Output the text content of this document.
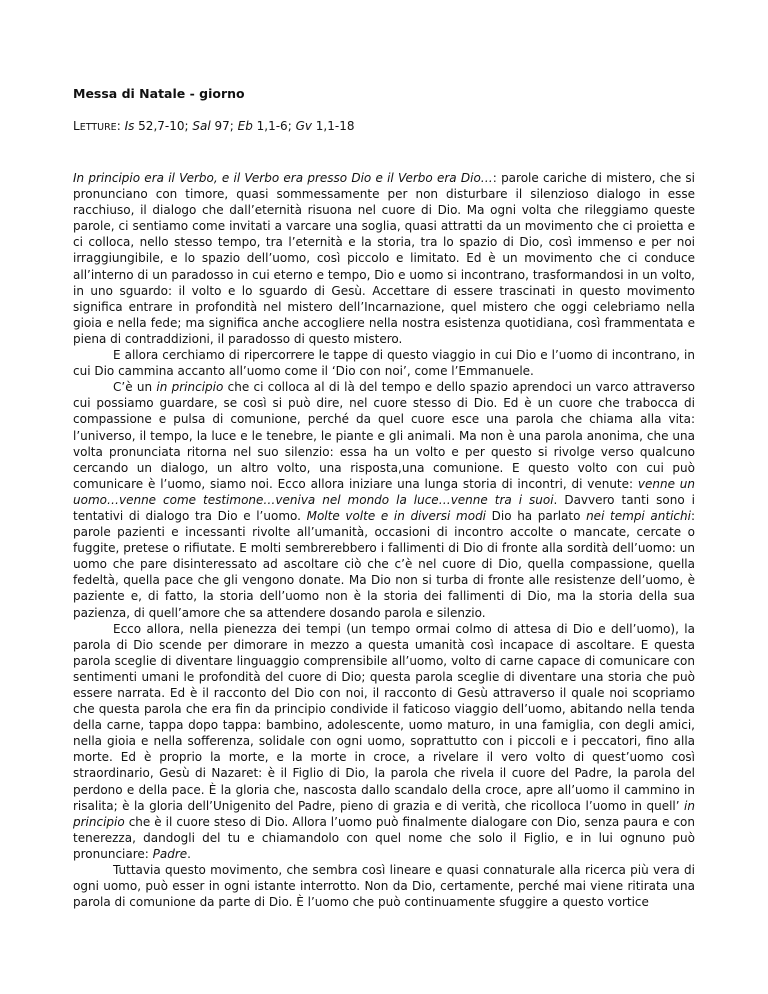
Messa di Natale - giorno
LETTURE: Is 52,7-10; Sal 97; Eb 1,1-6; Gv 1,1-18

In principio era il Verbo, e il Verbo era presso Dio e il Verbo era Dio…: parole cariche di mistero, che si pronunciano con timore, quasi sommessamente per non disturbare il silenzioso dialogo in esse racchiuso, il dialogo che dall’eternità risuona nel cuore di Dio. Ma ogni volta che rileggiamo queste parole, ci sentiamo come invitati a varcare una soglia, quasi attratti da un movimento che ci proietta e ci colloca, nello stesso tempo, tra l’eternità e la storia, tra lo spazio di Dio, così immenso e per noi irraggiungibile, e lo spazio dell’uomo, così piccolo e limitato. Ed è un movimento che ci conduce all’interno di un paradosso in cui eterno e tempo, Dio e uomo si incontrano, trasformandosi in un volto, in uno sguardo: il volto e lo sguardo di Gesù. Accettare di essere trascinati in questo movimento significa entrare in profondità nel mistero dell’Incarnazione, quel mistero che oggi celebriamo nella gioia e nella fede; ma significa anche accogliere nella nostra esistenza quotidiana, così frammentata e piena di contraddizioni, il paradosso di questo mistero.

E allora cerchiamo di ripercorrere le tappe di questo viaggio in cui Dio e l’uomo di incontrano, in cui Dio cammina accanto all’uomo come il ‘Dio con noi’, come l’Emmanuele.

C’è un in principio che ci colloca al di là del tempo e dello spazio aprendoci un varco attraverso cui possiamo guardare, se così si può dire, nel cuore stesso di Dio. Ed è un cuore che trabocca di compassione e pulsa di comunione, perché da quel cuore esce una parola che chiama alla vita: l’universo, il tempo, la luce e le tenebre, le piante e gli animali. Ma non è una parola anonima, che una volta pronunciata ritorna nel suo silenzio: essa ha un volto e per questo si rivolge verso qualcuno cercando un dialogo, un altro volto, una risposta,una comunione. E questo volto con cui può comunicare è l’uomo, siamo noi. Ecco allora iniziare una lunga storia di incontri, di venute: venne un uomo…venne come testimone…veniva nel mondo la luce…venne tra i suoi. Davvero tanti sono i tentativi di dialogo tra Dio e l’uomo. Molte volte e in diversi modi Dio ha parlato nei tempi antichi: parole pazienti e incessanti rivolte all’umanità, occasioni di incontro accolte o mancate, cercate o fuggite, pretese o rifiutate. E molti sembrerebbero i fallimenti di Dio di fronte alla sordità dell’uomo: un uomo che pare disinteressato ad ascoltare ciò che c’è nel cuore di Dio, quella compassione, quella fedeltà, quella pace che gli vengono donate. Ma Dio non si turba di fronte alle resistenze dell’uomo, è paziente e, di fatto, la storia dell’uomo non è la storia dei fallimenti di Dio, ma la storia della sua pazienza, di quell’amore che sa attendere dosando parola e silenzio.

Ecco allora, nella pienezza dei tempi (un tempo ormai colmo di attesa di Dio e dell’uomo), la parola di Dio scende per dimorare in mezzo a questa umanità così incapace di ascoltare. E questa parola sceglie di diventare linguaggio comprensibile all’uomo, volto di carne capace di comunicare con sentimenti umani le profondità del cuore di Dio; questa parola sceglie di diventare una storia che può essere narrata. Ed è il racconto del Dio con noi, il racconto di Gesù attraverso il quale noi scopriamo che questa parola che era fin da principio condivide il faticoso viaggio dell’uomo, abitando nella tenda della carne, tappa dopo tappa: bambino, adolescente, uomo maturo, in una famiglia, con degli amici, nella gioia e nella sofferenza, solidale con ogni uomo, soprattutto con i piccoli e i peccatori, fino alla morte. Ed è proprio la morte, e la morte in croce, a rivelare il vero volto di quest’uomo così straordinario, Gesù di Nazaret: è il Figlio di Dio, la parola che rivela il cuore del Padre, la parola del perdono e della pace. È la gloria che, nascosta dallo scandalo della croce, apre all’uomo il cammino in risalita; è la gloria dell’Unigenito del Padre, pieno di grazia e di verità, che ricolloca l’uomo in quell’ in principio che è il cuore steso di Dio. Allora l’uomo può finalmente dialogare con Dio, senza paura e con tenerezza, dandogli del tu e chiamandolo con quel nome che solo il Figlio, e in lui ognuno può pronunciare: Padre.

Tuttavia questo movimento, che sembra così lineare e quasi connaturale alla ricerca più vera di ogni uomo, può esser in ogni istante interrotto. Non da Dio, certamente, perché mai viene ritirata una parola di comunione da parte di Dio. È l’uomo che può continuamente sfuggire a questo vortice
